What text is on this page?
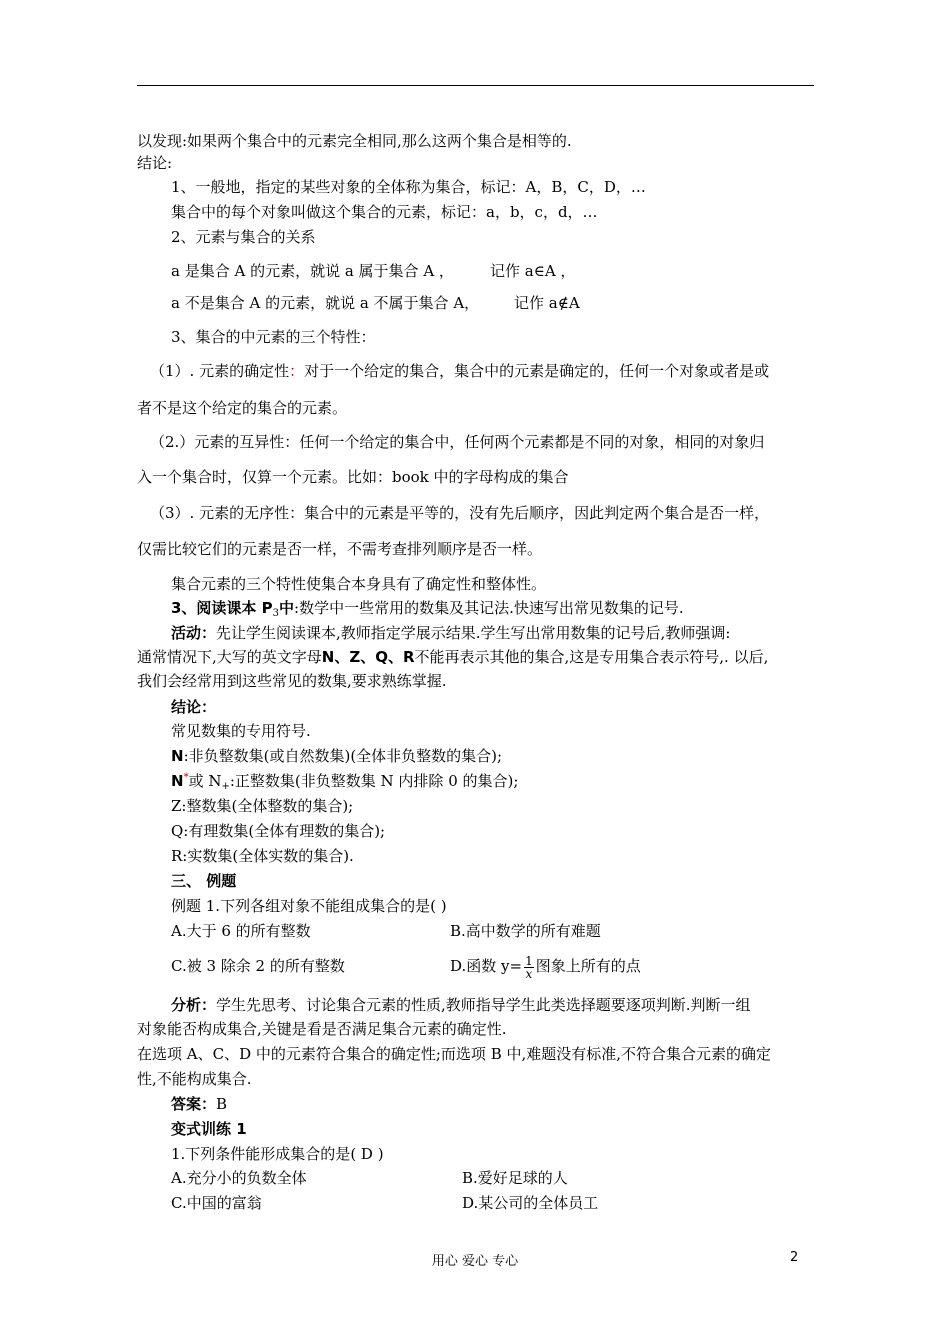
以发现:如果两个集合中的元素完全相同,那么这两个集合是相等的.
结论:
1、一般地，指定的某些对象的全体称为集合，标记：A，B，C，D，…
集合中的每个对象叫做这个集合的元素，标记：a，b，c，d，…
2、元素与集合的关系
a 是集合 A 的元素，就说 a 属于集合 A ， 记作 a∈A ，
a 不是集合 A 的元素，就说 a 不属于集合 A， 记作 a∉A
3、集合的中元素的三个特性：
（1）. 元素的确定性：对于一个给定的集合，集合中的元素是确定的，任何一个对象或者是或
者不是这个给定的集合的元素。
（2.）元素的互异性：任何一个给定的集合中，任何两个元素都是不同的对象，相同的对象归
入一个集合时，仅算一个元素。比如：book 中的字母构成的集合
（3）. 元素的无序性：集合中的元素是平等的，没有先后顺序，因此判定两个集合是否一样，
仅需比较它们的元素是否一样，不需考查排列顺序是否一样。
集合元素的三个特性使集合本身具有了确定性和整体性。
3、阅读课本 $P_3$中:数学中一些常用的数集及其记法.快速写出常见数集的记号.
活动：先让学生阅读课本,教师指定学展示结果.学生写出常用数集的记号后,教师强调:
通常情况下,大写的英文字母N、Z、Q、R不能再表示其他的集合,这是专用集合表示符号,. 以后,
我们会经常用到这些常见的数集,要求熟练掌握.
结论：
常见数集的专用符号.
N:非负整数集(或自然数集)(全体非负整数的集合);
N*或 $N_+$:正整数集(非负整数集 N 内排除 0 的集合);
Z:整数集(全体整数的集合);
Q:有理数集(全体有理数的集合);
R:实数集(全体实数的集合).
三、 例题
例题 1.下列各组对象不能组成集合的是( )
A.大于 6 的所有整数	B.高中数学的所有难题
C.被 3 除余 2 的所有整数	D.函数 $y= \frac{1}{x}$ 图象上所有的点
分析：学生先思考、讨论集合元素的性质,教师指导学生此类选择题要逐项判断.判断一组
对象能否构成集合,关键是看是否满足集合元素的确定性.
在选项 A、C、D 中的元素符合集合的确定性;而选项 B 中,难题没有标准,不符合集合元素的确定
性,不能构成集合.
答案：B
变式训练 1
1.下列条件能形成集合的是( D )
A.充分小的负数全体	B.爱好足球的人
C.中国的富翁	D.某公司的全体员工
用心 爱心 专心	2
